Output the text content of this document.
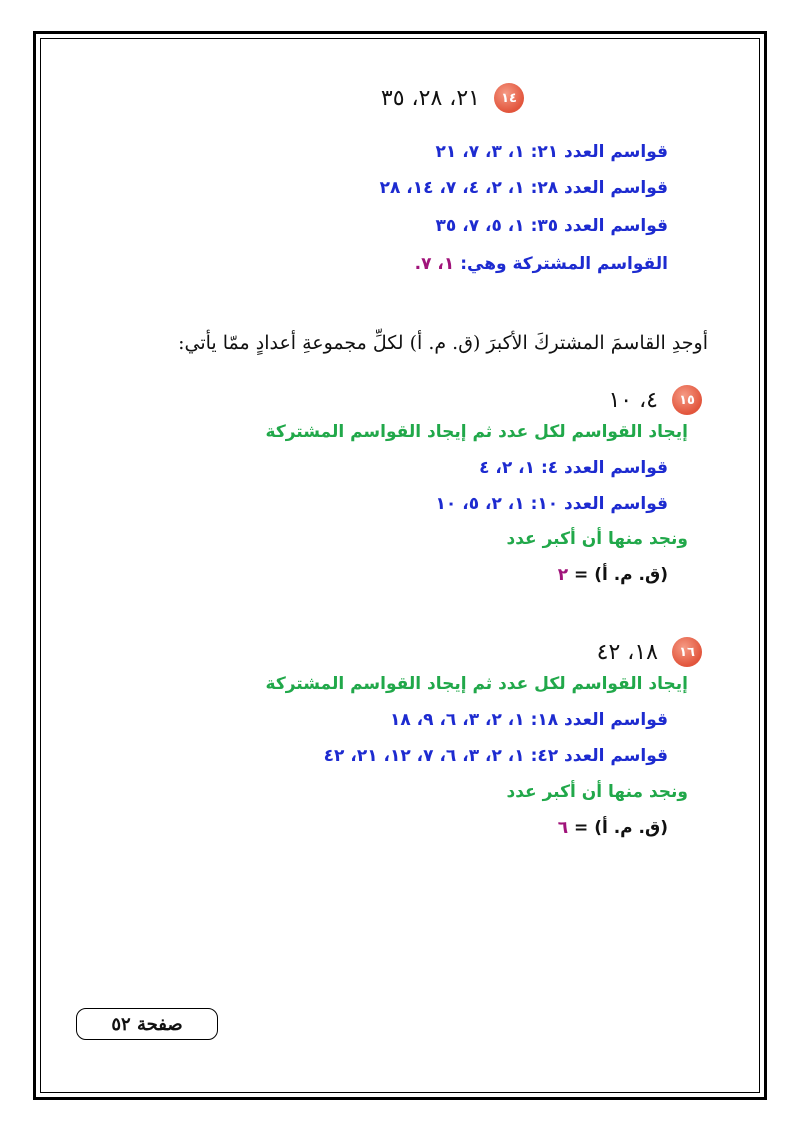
١٤
٢١، ٢٨، ٣٥
قواسم العدد ٢١: ١، ٣، ٧، ٢١
قواسم العدد ٢٨: ١، ٢، ٤، ٧، ١٤، ٢٨
قواسم العدد ٣٥: ١، ٥، ٧، ٣٥
القواسم المشتركة وهي: ١، ٧.
أوجدِ القاسمَ المشتركَ الأكبرَ (ق. م. أ) لكلِّ مجموعةِ أعدادٍ ممّا يأتي:
١٥
٤، ١٠
إيجاد القواسم لكل عدد ثم إيجاد القواسم المشتركة
قواسم العدد ٤: ١، ٢، ٤
قواسم العدد ١٠: ١، ٢، ٥، ١٠
ونجد منها أن أكبر عدد
(ق. م. أ) = ٢
١٦
١٨، ٤٢
إيجاد القواسم لكل عدد ثم إيجاد القواسم المشتركة
قواسم العدد ١٨: ١، ٢، ٣، ٦، ٩، ١٨
قواسم العدد ٤٢: ١، ٢، ٣، ٦، ٧، ١٢، ٢١، ٤٢
ونجد منها أن أكبر عدد
(ق. م. أ) = ٦
صفحة ٥٢
